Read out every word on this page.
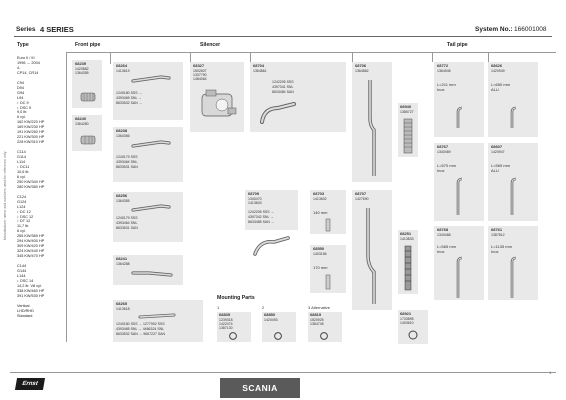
Series 4 SERIES	System No.: 166001008
Manufacturer name and numbers used for reference only
Type	Front pipe	Silencer	Tail pipe
Euro II / III
1996 → 2004
4-
CP14, CR14

C94
D94
G94
L94
↕ DC 9
↕ DSC 9
9,0 ltr.
6 cyl.
162 KW/220 HP
169 KW/230 HP
191 KW/260 HP
221 KW/300 HP
228 KW/310 HP

C114
G114
L114
↕ DC11
10,6 ltr.
6 cyl.
250 KW/340 HP
280 KW/380 HP

C124
G124
L124
↕ DC 12
↕ DSC 12
↕ DT 12
11,7 ltr.
6 cyl.
265 KW/360 HP
294 KW/400 HP
309 KW/420 HP
324 KW/440 HP
345 KW/470 HP

C144
G144
L144
↕ DSC 14
14,2 ltr. V8 cyl.
338 KW/460 HP
391 KW/530 HP

Vertical
LHD/RHD
Standard
68239
1420882
1364355
68240
1364280
68264
1413619
1240180 SSS →
4393465 SNL →
8633532 SAN →
68238
1364356
1240179 SSS
4393464 SNL
8633531 SAN
68256
1364355
1240179 SSS
4393464 SNL
8633531 SAN
68241
1364288
68265
1413618
1240180 SSS → 1277992 SSS
4393465 SNL → 4466324 SNL
8633532 SAN → 9667227 SAN
68327
1502607
1337790
1484064
68704
1364861
1242205 SSS
4397341 SNL
8633484 SAN
68709
1340470
1413603
1242205 SSS →
4397342 SNL →
8633485 SAN →
68703
1413602
140 mm
68550
1403156
170 mm
68706
1364862
68707
1427690
68940
1385727
68251
1413833
68921
1733895
1493610
68772
1364945
L=211 mm
Inox
68626
1420949
L=650 mm
ALU
68767
1340469
L=570 mm
Inox
68607
1420947
L=569 mm
ALU
68768
1340468
L=565 mm
Inox
68761
1387812
L=1135 mm
Inox
Mounting Parts
1
68835
1239318
1422474
1387130
2
68850
1420493
3 Alternative
68815
1520925
1384745
Ernst	SCANIA
1
